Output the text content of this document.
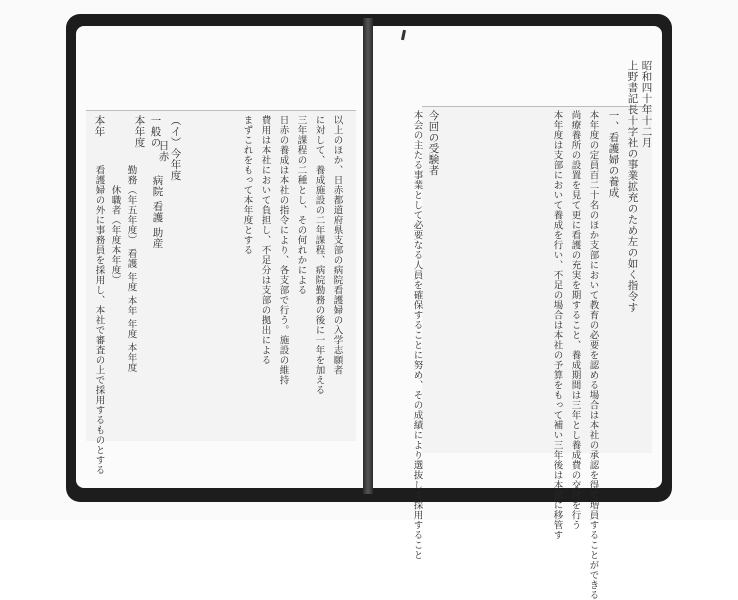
昭和四十年十二月
上野書記長十字社の事業拡充のため左の如く指令す
一、看護婦の養成
本年度の定員百二十名のほか支部において教育の必要を認める場合は本社の承認を得て増員することができる
尚療養所の設置を見て更に看護の充実を期すること、養成期間は三年とし養成費の交付を行う
本年度は支部において養成を行い、不足の場合は本社の予算をもって補い三年後は本部に移管す
今回の受験者
本会の主たる事業として必要なる人員を確保することに努め、その成績により選抜して採用すること
以上のほか、日赤都道府県支部の病院看護婦の入学志願者
に対して、養成施設の二年課程、病院勤務の後に一年を加える
三年課程の二種とし、その何れかによる
日赤の養成は本社の指令により、各支部で行う。施設の維持
費用は本社において負担し、不足分は支部の拠出による
まずこれをもって本年度とする
（イ）今年度
一般の
日赤
本年度
病院 看護 助産
勤務（年五年度） 看護 年度 本年 年度 本年度
休職者（年度本年度）
本年
看護婦の外に事務員を採用し、本社で審査の上で採用するものとする
